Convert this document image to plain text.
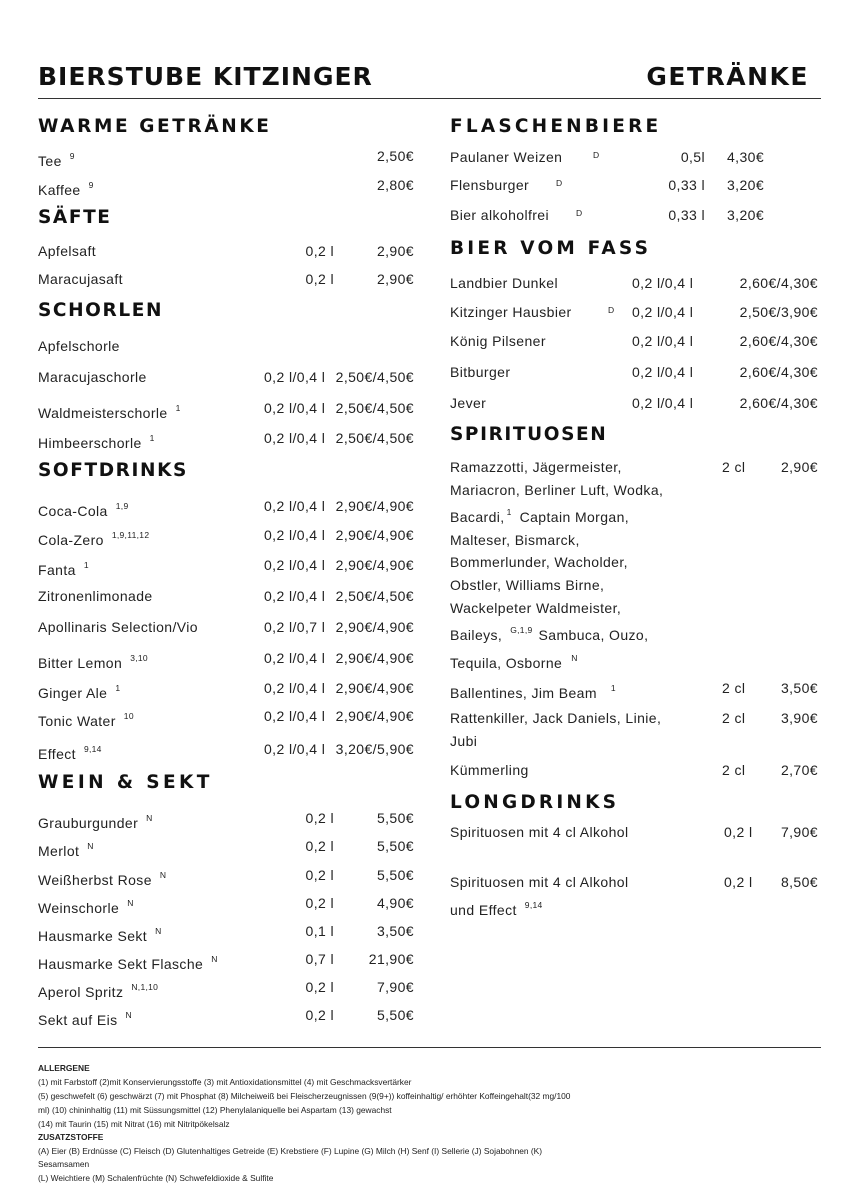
BIERSTUBE KITZINGER	GETRÄNKE
WARME GETRÄNKE
Tee $^9$	2,50€
Kaffee $^9$	2,80€
SÄFTE
Apfelsaft	0,2 l	2,90€
Maracujasaft	0,2 l	2,90€
SCHORLEN
Apfelschorle
Maracujaschorle	0,2 l/0,4 l 2,50€/4,50€
Waldmeisterschorle $^1$	0,2 l/0,4 l 2,50€/4,50€
Himbeerschorle $^1$	0,2 l/0,4 l 2,50€/4,50€
SOFTDRINKS
Coca-Cola $^{1,9}$	0,2 l/0,4 l 2,90€/4,90€
Cola-Zero $^{1,9,11,12}$	0,2 l/0,4 l 2,90€/4,90€
Fanta $^1$	0,2 l/0,4 l 2,90€/4,90€
Zitronenlimonade	0,2 l/0,4 l 2,50€/4,50€
Apollinaris Selection/Vio	0,2 l/0,7 l 2,90€/4,90€
Bitter Lemon $^{3,10}$	0,2 l/0,4 l 2,90€/4,90€
Ginger Ale $^1$	0,2 l/0,4 l 2,90€/4,90€
Tonic Water $^{10}$	0,2 l/0,4 l 2,90€/4,90€
Effect $^{9,14}$	0,2 l/0,4 l 3,20€/5,90€
WEIN & SEKT
Grauburgunder $^N$	0,2 l	5,50€
Merlot $^N$	0,2 l	5,50€
Weißherbst Rose $^N$	0,2 l	5,50€
Weinschorle $^N$	0,2 l	4,90€
Hausmarke Sekt $^N$	0,1 l	3,50€
Hausmarke Sekt Flasche $^N$	0,7 l 21,90€
Aperol Spritz $^{N,1,10}$	0,2 l	7,90€
Sekt auf Eis $^N$	0,2 l	5,50€
FLASCHENBIERE
Paulaner Weizen	D	0,5l 4,30€
Flensburger	D	0,33 l 3,20€
Bier alkoholfrei	D	0,33 l 3,20€
BIER VOM FASS
Landbier Dunkel	0,2 l/0,4 l	2,60€/4,30€
Kitzinger Hausbier	D 0,2 l/0,4 l	2,50€/3,90€
König Pilsener	0,2 l/0,4 l	2,60€/4,30€
Bitburger	0,2 l/0,4 l	2,60€/4,30€
Jever	0,2 l/0,4 l	2,60€/4,30€
SPIRITUOSEN
Ramazzotti, Jägermeister,
Mariacron, Berliner Luft, Wodka,
Bacardi, $^1$ Captain Morgan,
Malteser, Bismarck,
Bommerlunder, Wacholder,
Obstler, Williams Birne,
Wackelpeter Waldmeister,
Baileys, $^{G,1,9}$ Sambuca, Ouzo,
Tequila, Osborne $^N$
2 cl	2,90€
Ballentines, Jim Beam $^1$	2 cl	3,50€
Rattenkiller, Jack Daniels, Linie,
Jubi
2 cl	3,90€
Kümmerling	2 cl	2,70€
LONGDRINKS
Spirituosen mit 4 cl Alkohol	0,2 l 7,90€
Spirituosen mit 4 cl Alkohol
und Effect $^{9,14}$
0,2 l 8,50€
ALLERGENE
(1) mit Farbstoff (2)mit Konservierungsstoffe (3) mit Antioxidationsmittel (4) mit Geschmacksvertärker
(5) geschwefelt (6) geschwärzt (7) mit Phosphat (8) Milcheiweiß bei Fleischerzeugnissen (9(9+)) koffeinhaltig/ erhöhter Koffeingehalt(32 mg/100
ml) (10) chininhaltig (11) mit Süssungsmittel (12) Phenylalaniquelle bei Aspartam (13) gewachst
(14) mit Taurin (15) mit Nitrat (16) mit Nitritpökelsalz
ZUSATZSTOFFE
(A) Eier (B) Erdnüsse (C) Fleisch (D) Glutenhaltiges Getreide (E) Krebstiere (F) Lupine (G) Milch (H) Senf (I) Sellerie (J) Sojabohnen (K)
Sesamsamen
(L) Weichtiere (M) Schalenfrüchte (N) Schwefeldioxide & Sulfite
